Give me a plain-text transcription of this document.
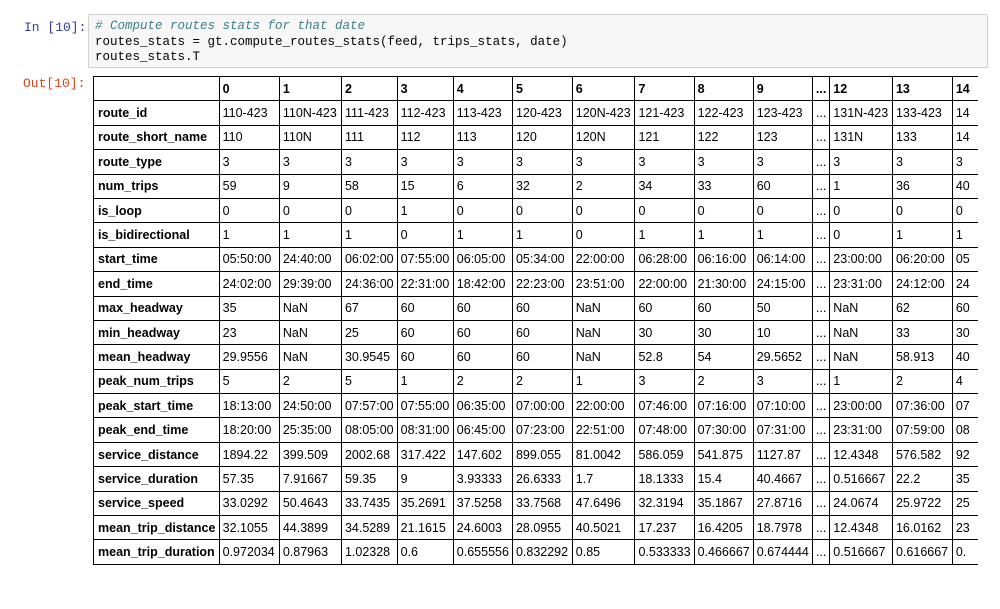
In [10]: # Compute routes stats for that date
routes_stats = gt.compute_routes_stats(feed, trips_stats, date)
routes_stats.T
Out[10]:
		0	1	2	3	4	5	6	7	8	9	...	12	13	14
route_id	110-423	110N-423	111-423	112-423	113-423	120-423	120N-423	121-423	122-423	123-423	...	131N-423	133-423	14
route_short_name	110	110N	111	112	113	120	120N	121	122	123	...	131N	133	14
route_type	3	3	3	3	3	3	3	3	3	3	...	3	3	3
num_trips	59	9	58	15	6	32	2	34	33	60	...	1	36	40
is_loop	0	0	0	1	0	0	0	0	0	0	...	0	0	0
is_bidirectional	1	1	1	0	1	1	0	1	1	1	...	0	1	1
start_time	05:50:00	24:40:00	06:02:00	07:55:00	06:05:00	05:34:00	22:00:00	06:28:00	06:16:00	06:14:00	...	23:00:00	06:20:00	05
end_time	24:02:00	29:39:00	24:36:00	22:31:00	18:42:00	22:23:00	23:51:00	22:00:00	21:30:00	24:15:00	...	23:31:00	24:12:00	24
max_headway	35	NaN	67	60	60	60	NaN	60	60	50	...	NaN	62	60
min_headway	23	NaN	25	60	60	60	NaN	30	30	10	...	NaN	33	30
mean_headway	29.9556	NaN	30.9545	60	60	60	NaN	52.8	54	29.5652	...	NaN	58.913	40
peak_num_trips	5	2	5	1	2	2	1	3	2	3	...	1	2	4
peak_start_time	18:13:00	24:50:00	07:57:00	07:55:00	06:35:00	07:00:00	22:00:00	07:46:00	07:16:00	07:10:00	...	23:00:00	07:36:00	07
peak_end_time	18:20:00	25:35:00	08:05:00	08:31:00	06:45:00	07:23:00	22:51:00	07:48:00	07:30:00	07:31:00	...	23:31:00	07:59:00	08
service_distance	1894.22	399.509	2002.68	317.422	147.602	899.055	81.0042	586.059	541.875	1127.87	...	12.4348	576.582	92
service_duration	57.35	7.91667	59.35	9	3.93333	26.6333	1.7	18.1333	15.4	40.4667	...	0.516667	22.2	35
service_speed	33.0292	50.4643	33.7435	35.2691	37.5258	33.7568	47.6496	32.3194	35.1867	27.8716	...	24.0674	25.9722	25
mean_trip_distance	32.1055	44.3899	34.5289	21.1615	24.6003	28.0955	40.5021	17.237	16.4205	18.7978	...	12.4348	16.0162	23
mean_trip_duration	0.972034	0.87963	1.02328	0.6	0.655556	0.832292	0.85	0.533333	0.466667	0.674444	...	0.516667	0.616667	0.
